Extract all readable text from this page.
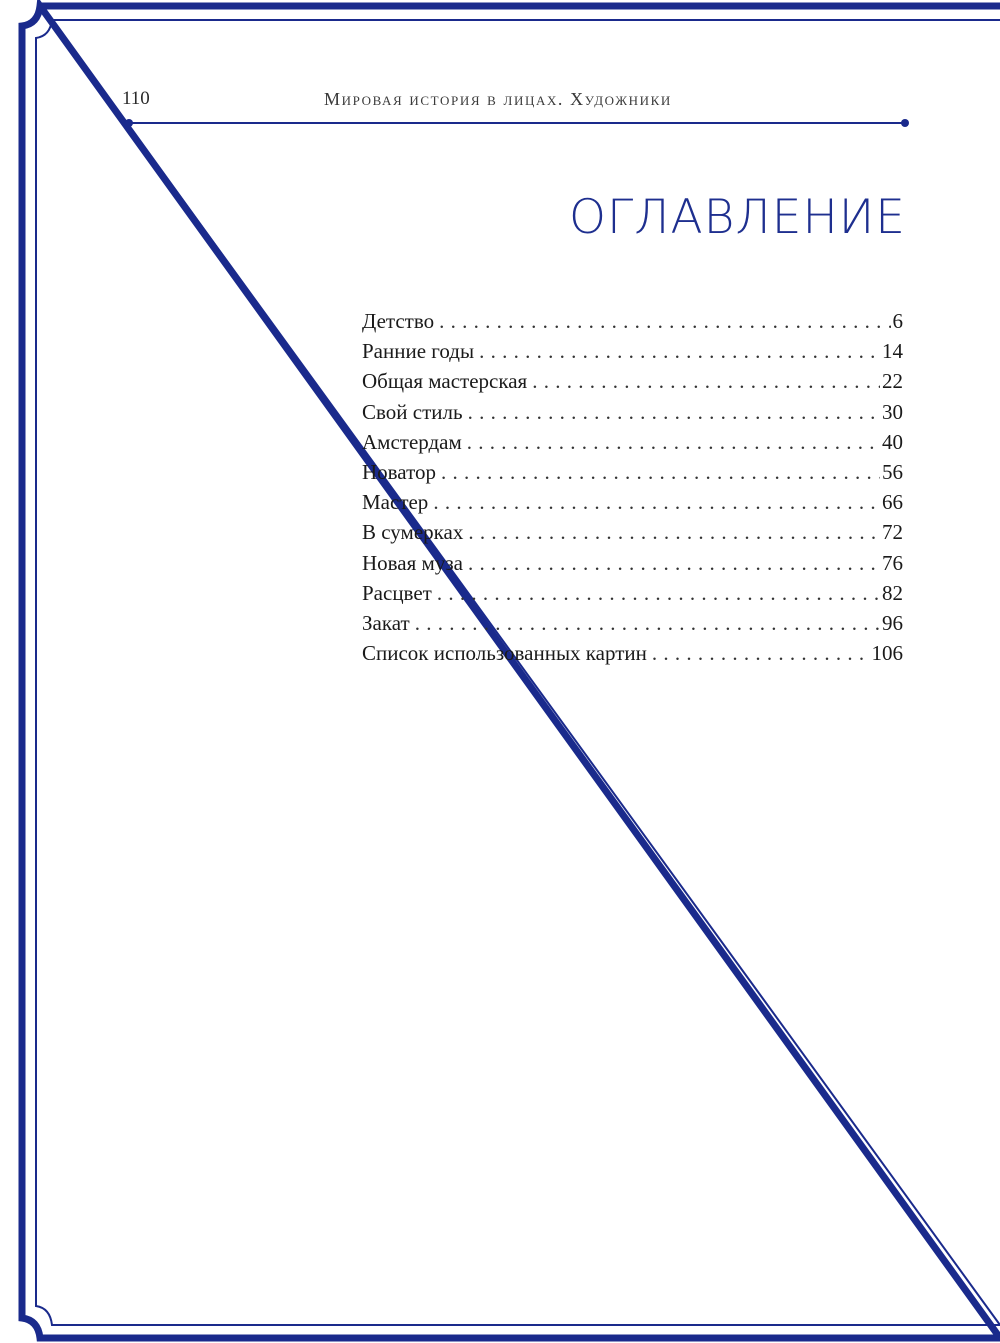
110	Мировая история в лицах. Художники
ОГЛАВЛЕНИЕ
Детство . . .	6
Ранние годы . . .	14
Общая мастерская . . .	22
Свой стиль . . .	30
Амстердам . . .	40
Новатор . . .	56
Мастер . . .	66
В сумерках . . .	72
Новая муза . . .	76
Расцвет . . .	82
Закат . . .	96
Список использованных картин . . .	106
